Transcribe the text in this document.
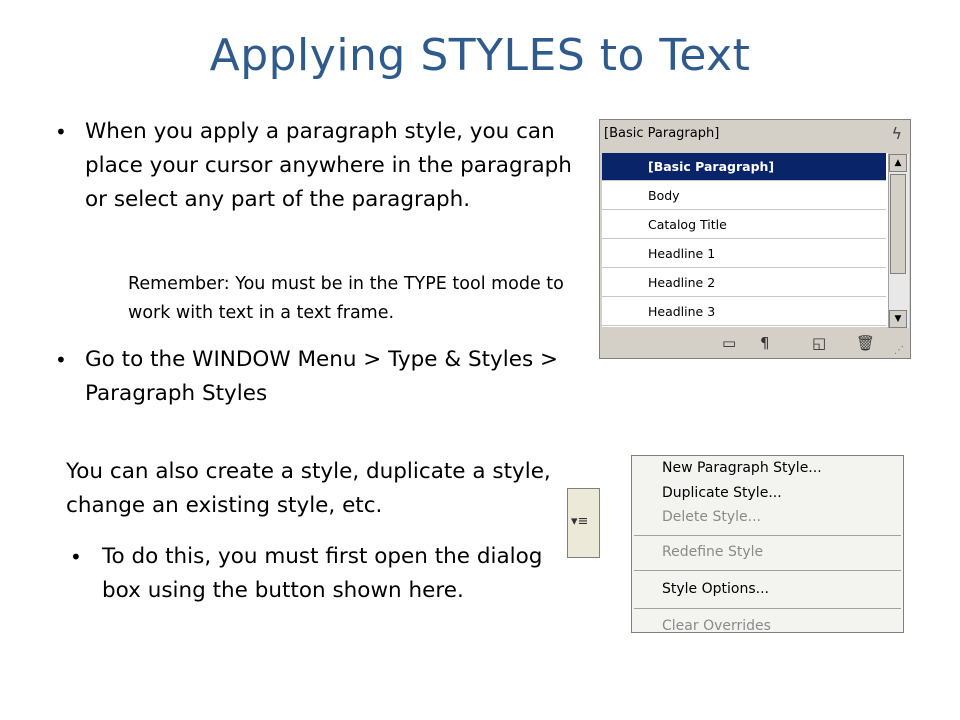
Applying STYLES to Text
• When you apply a paragraph style, you can place your cursor anywhere in the paragraph or select any part of the paragraph.
Remember: You must be in the TYPE tool mode to work with text in a text frame.
• Go to the WINDOW Menu > Type & Styles > Paragraph Styles
You can also create a style, duplicate a style, change an existing style, etc.
• To do this, you must first open the dialog box using the button shown here.
[Basic Paragraph]	ϟ
[Basic Paragraph]
Body
Catalog Title
Headline 1
Headline 2
Headline 3
▲
▼
▭ ¶	◱ 🗑 ⋰
▾≡
New Paragraph Style...
Duplicate Style...
Delete Style...
Redefine Style
Style Options...
Clear Overrides
